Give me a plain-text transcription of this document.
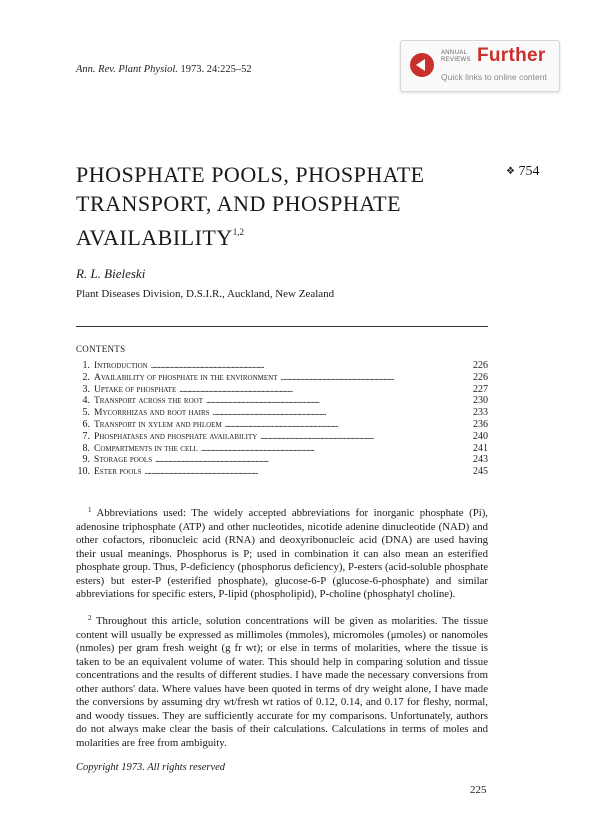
Ann. Rev. Plant Physiol. 1973. 24:225–52
ANNUAL
REVIEWS Further
Quick links to online content
PHOSPHATE POOLS, PHOSPHATE TRANSPORT, AND PHOSPHATE AVAILABILITY$^{1,2}$
❖ 754
R. L. Bieleski
Plant Diseases Division, D.S.I.R., Auckland, New Zealand
CONTENTS
1. Introduction . . .	226
2. Availability of phosphate in the environment . . .	226
3. Uptake of phosphate . . .	227
4. Transport across the root . . .	230
5. Mycorrhizas and root hairs . . .	233
6. Transport in xylem and phloem . . .	236
7. Phosphatases and phosphate availability . . .	240
8. Compartments in the cell . . .	241
9. Storage pools . . .	243
10. Ester pools . . .	245

$^1$ Abbreviations used: The widely accepted abbreviations for inorganic phosphate (Pi), adenosine triphosphate (ATP) and other nucleotides, nicotide adenine dinucleotide (NAD) and other cofactors, ribonucleic acid (RNA) and deoxyribonucleic acid (DNA) are used having their usual meanings. Phosphorus is P; used in combination it can also mean an esterified phosphate group. Thus, P-deficiency (phosphorus deficiency), P-esters (acid-soluble phosphate esters) but ester-P (esterified phosphate), glucose-6-P (glucose-6-phosphate) and similar abbreviations for specific esters, P-lipid (phospholipid), P-choline (phosphatyl choline).

$^2$ Throughout this article, solution concentrations will be given as molarities. The tissue content will usually be expressed as millimoles (mmoles), micromoles (μmoles) or nanomoles (nmoles) per gram fresh weight (g fr wt); or else in terms of molarities, where the tissue is taken to be an equivalent volume of water. This should help in comparing solution and tissue concentrations and the results of different studies. I have made the necessary conversions from other authors' data. Where values have been quoted in terms of dry weight alone, I have made the conversions by assuming dry wt/fresh wt ratios of 0.12, 0.14, and 0.17 for fleshy, normal, and woody tissues. They are sufficiently accurate for my comparisons. Unfortunately, authors do not always make clear the basis of their calculations. Calculations in terms of moles and molarities are free from ambiguity.

Copyright 1973. All rights reserved
225
